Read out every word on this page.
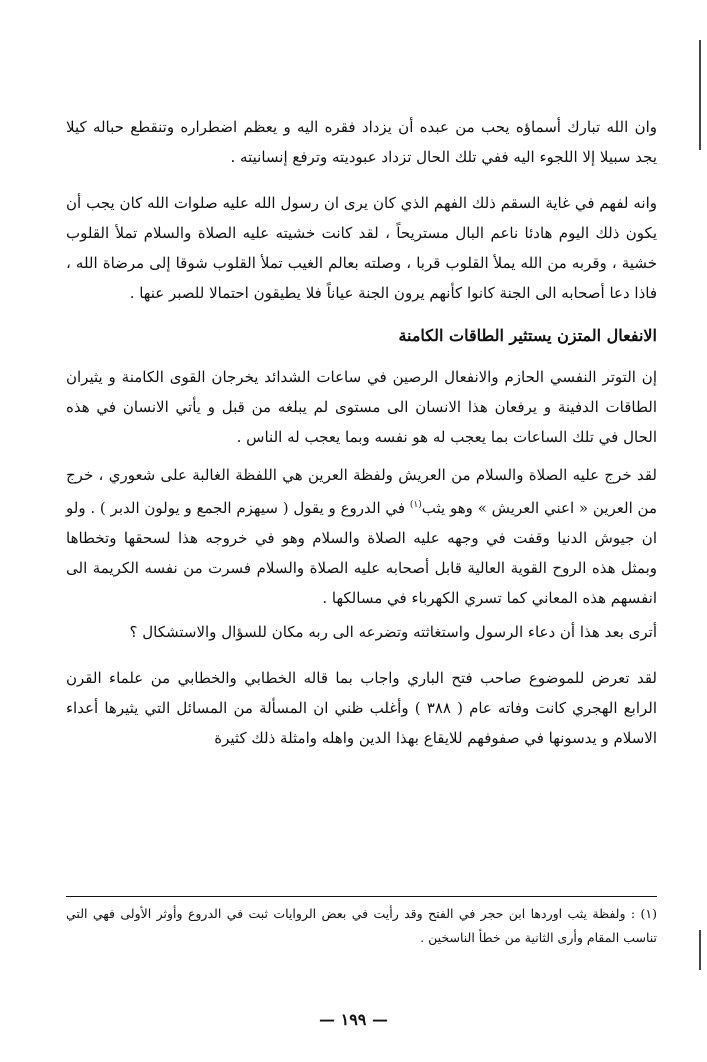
وان الله تبارك أسماؤه يحب من عبده أن يزداد فقره اليه و يعظم اضطراره وتنقطع حباله كيلا يجد سبيلا إلا اللجوء اليه ففي تلك الحال تزداد عبوديته وترفع إنسانيته .

وانه لفهم في غاية السقم ذلك الفهم الذي كان يرى ان رسول الله عليه صلوات الله كان يجب أن يكون ذلك اليوم هادئا ناعم البال مستريحاً ، لقد كانت خشيته عليه الصلاة والسلام تملأ القلوب خشية ، وقربه من الله يملأ القلوب قربا ، وصلته بعالم الغيب تملأ القلوب شوقا إلى مرضاة الله ، فاذا دعا أصحابه الى الجنة كانوا كأنهم يرون الجنة عياناً فلا يطيقون احتمالا للصبر عنها .

الانفعال المتزن يستثير الطاقات الكامنة

إن التوتر النفسي الحازم والانفعال الرصين في ساعات الشدائد يخرجان القوى الكامنة و يثيران الطاقات الدفينة و يرفعان هذا الانسان الى مستوى لم يبلغه من قبل و يأتي الانسان في هذه الحال في تلك الساعات بما يعجب له هو نفسه وبما يعجب له الناس .

لقد خرج عليه الصلاة والسلام من العريش ولفظة العرين هي اللفظة الغالبة على شعوري ، خرج من العرين « اعني العريش » وهو يثب$^{(١)}$ في الدروع و يقول ( سيهزم الجمع و يولون الدبر ) . ولو ان جيوش الدنيا وقفت في وجهه عليه الصلاة والسلام وهو في خروجه هذا لسحقها وتخطاها وبمثل هذه الروح القوية العالية قابل أصحابه عليه الصلاة والسلام فسرت من نفسه الكريمة الى انفسهم هذه المعاني كما تسري الكهرباء في مسالكها .

أترى بعد هذا أن دعاء الرسول واستغاثته وتضرعه الى ربه مكان للسؤال والاستشكال ؟

لقد تعرض للموضوع صاحب فتح الباري واجاب بما قاله الخطابي والخطابي من علماء القرن الرابع الهجري كانت وفاته عام ( ٣٨٨ ) وأغلب ظني ان المسألة من المسائل التي يثيرها أعداء الاسلام و يدسونها في صفوفهم للايقاع بهذا الدين واهله وامثلة ذلك كثيرة

(١) : ولفظة يثب اوردها ابن حجر في الفتح وقد رأيت في بعض الروايات ثبت في الدروع وأوثر الأولى فهي التي تناسب المقام وأرى الثانية من خطأ الناسخين .

— ١٩٩ —
